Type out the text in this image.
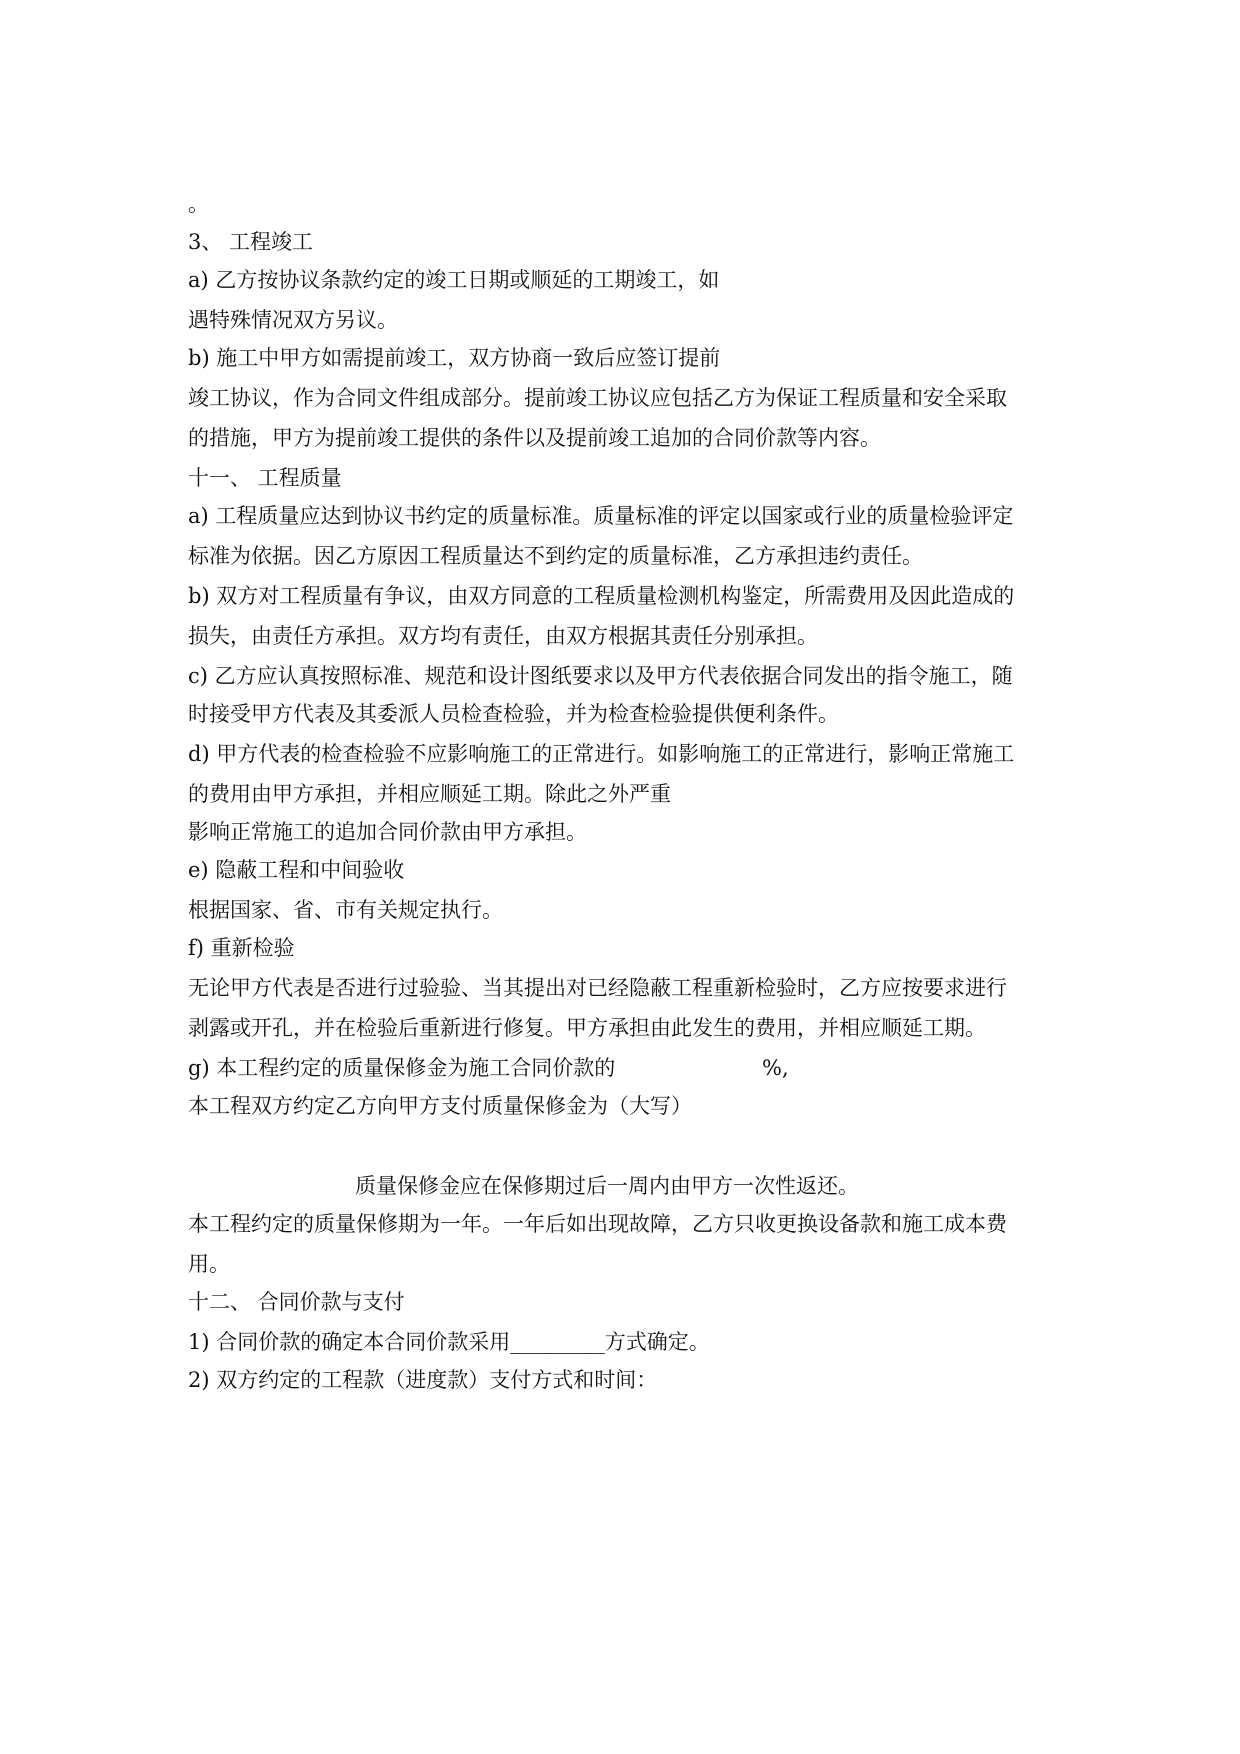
。
3、 工程竣工
a) 乙方按协议条款约定的竣工日期或顺延的工期竣工，如
遇特殊情况双方另议。
b) 施工中甲方如需提前竣工，双方协商一致后应签订提前
竣工协议，作为合同文件组成部分。提前竣工协议应包括乙方为保证工程质量和安全采取
的措施，甲方为提前竣工提供的条件以及提前竣工追加的合同价款等内容。
十一、 工程质量
a) 工程质量应达到协议书约定的质量标准。质量标准的评定以国家或行业的质量检验评定
标准为依据。因乙方原因工程质量达不到约定的质量标准，乙方承担违约责任。
b) 双方对工程质量有争议，由双方同意的工程质量检测机构鉴定，所需费用及因此造成的
损失，由责任方承担。双方均有责任，由双方根据其责任分别承担。
c) 乙方应认真按照标准、规范和设计图纸要求以及甲方代表依据合同发出的指令施工，随
时接受甲方代表及其委派人员检查检验，并为检查检验提供便利条件。
d) 甲方代表的检查检验不应影响施工的正常进行。如影响施工的正常进行，影响正常施工
的费用由甲方承担，并相应顺延工期。除此之外严重
影响正常施工的追加合同价款由甲方承担。
e) 隐蔽工程和中间验收
根据国家、省、市有关规定执行。
f) 重新检验
无论甲方代表是否进行过验验、当其提出对已经隐蔽工程重新检验时，乙方应按要求进行
剥露或开孔，并在检验后重新进行修复。甲方承担由此发生的费用，并相应顺延工期。
g) 本工程约定的质量保修金为施工合同价款的	%,
本工程双方约定乙方向甲方支付质量保修金为（大写）
质量保修金应在保修期过后一周内由甲方一次性返还。
本工程约定的质量保修期为一年。一年后如出现故障，乙方只收更换设备款和施工成本费
用。
十二、 合同价款与支付
1) 合同价款的确定本合同价款采用_________方式确定。
2) 双方约定的工程款（进度款）支付方式和时间：
